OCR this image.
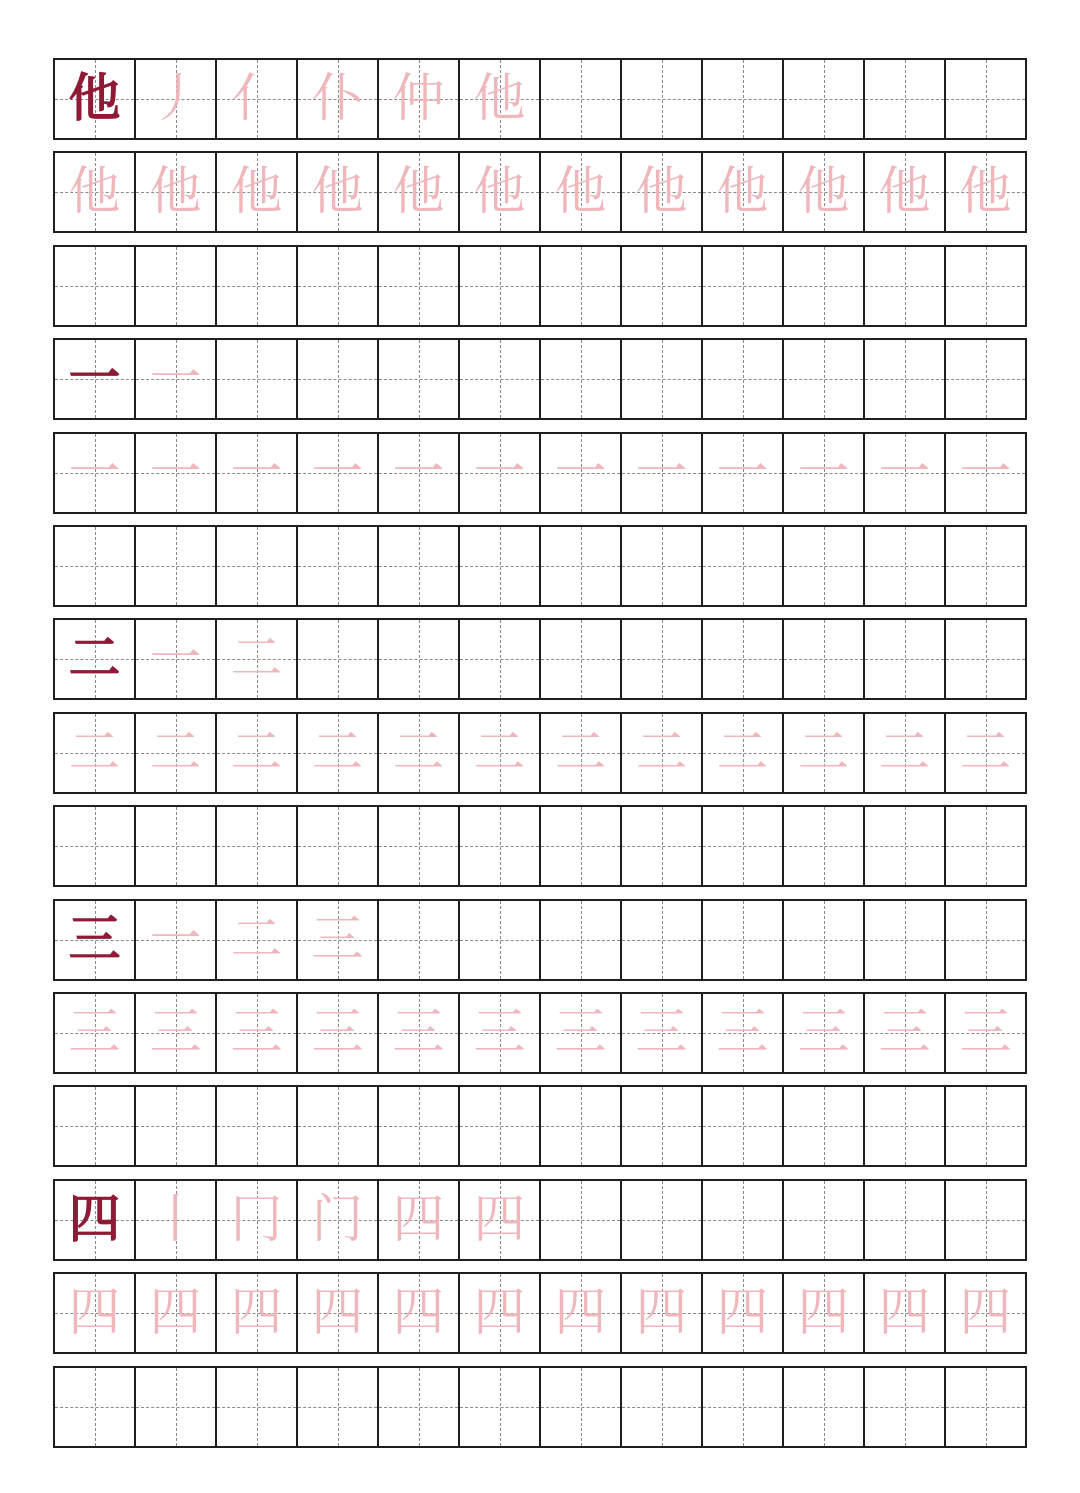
他 丿 亻 仆 仲 他
他 他 他 他 他 他 他 他 他 他 他 他
一 一
一 一 一 一 一 一 一 一 一 一 一 一
二 一 二
二 二 二 二 二 二 二 二 二 二 二 二
三 一 二 三
三 三 三 三 三 三 三 三 三 三 三 三
四 丨 冂 门 四 四
四 四 四 四 四 四 四 四 四 四 四 四
